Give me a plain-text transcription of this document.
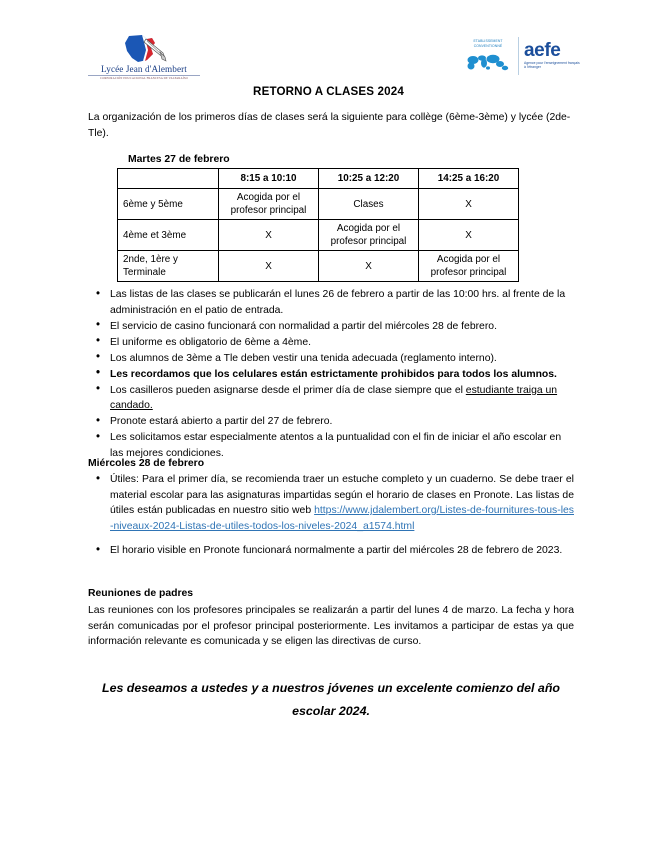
Lycée Jean d'Alembert
CORPORACIÓN EDUCACIONAL FRANCESA DE VALPARAÍSO
ETABLISSEMENT
CONVENTIONNÉ	aefe
Agence pour l'enseignement français à l'étranger
RETORNO A CLASES 2024
La organización de los primeros días de clases será la siguiente para collège (6ème-3ème) y lycée (2de-Tle).
Martes 27 de febrero
	8:15 a 10:10	10:25 a 12:20	14:25 a 16:20
6ème y 5ème	Acogida por el profesor principal	Clases	X
4ème et 3ème	X	Acogida por el profesor principal	X
2nde, 1ère y Terminale	X	X	Acogida por el profesor principal
• Las listas de las clases se publicarán el lunes 26 de febrero a partir de las 10:00 hrs. al frente de la administración en el patio de entrada.
• El servicio de casino funcionará con normalidad a partir del miércoles 28 de febrero.
• El uniforme es obligatorio de 6ème a 4ème.
• Los alumnos de 3ème a Tle deben vestir una tenida adecuada (reglamento interno).
• Les recordamos que los celulares están estrictamente prohibidos para todos los alumnos.
• Los casilleros pueden asignarse desde el primer día de clase siempre que el estudiante traiga un candado.
• Pronote estará abierto a partir del 27 de febrero.
• Les solicitamos estar especialmente atentos a la puntualidad con el fin de iniciar el año escolar en las mejores condiciones.
Miércoles 28 de febrero
• Útiles: Para el primer día, se recomienda traer un estuche completo y un cuaderno. Se debe traer el material escolar para las asignaturas impartidas según el horario de clases en Pronote. Las listas de útiles están publicadas en nuestro sitio web https://www.jdalembert.org/Listes-de-fournitures-tous-les-niveaux-2024-Listas-de-utiles-todos-los-niveles-2024_a1574.html
• El horario visible en Pronote funcionará normalmente a partir del miércoles 28 de febrero de 2023.
Reuniones de padres
Las reuniones con los profesores principales se realizarán a partir del lunes 4 de marzo. La fecha y hora serán comunicadas por el profesor principal posteriormente. Les invitamos a participar de estas ya que información relevante es comunicada y se eligen las directivas de curso.
Les deseamos a ustedes y a nuestros jóvenes un excelente comienzo del año escolar 2024.
